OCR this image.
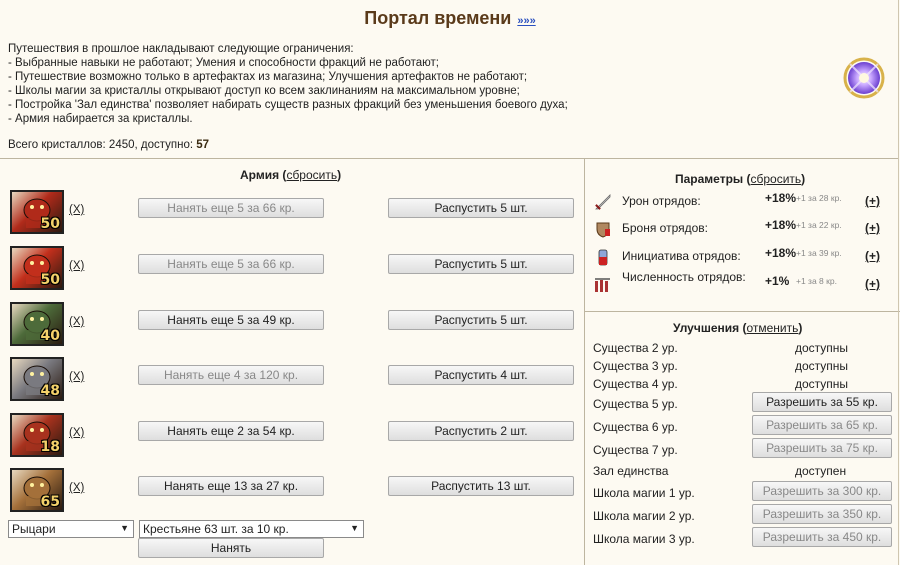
Портал времени »»»
Путешествия в прошлое накладывают следующие ограничения:
- Выбранные навыки не работают; Умения и способности фракций не работают;
- Путешествие возможно только в артефактах из магазина; Улучшения артефактов не работают;
- Школы магии за кристаллы открывают доступ ко всем заклинаниям на максимальном уровне;
- Постройка 'Зал единства' позволяет набирать существ разных фракций без уменьшения боевого духа;
- Армия набирается за кристаллы.
Всего кристаллов: 2450, доступно: 57
Армия (сбросить)
50
(X)	Нанять еще 5 за 66 кр.	Распустить 5 шт.
50
(X)	Нанять еще 5 за 66 кр.	Распустить 5 шт.
40
(X)	Нанять еще 5 за 49 кр.	Распустить 5 шт.
48
(X)	Нанять еще 4 за 120 кр.	Распустить 4 шт.
18
(X)	Нанять еще 2 за 54 кр.	Распустить 2 шт.
65
(X)	Нанять еще 13 за 27 кр.	Распустить 13 шт.
Рыцари	▼ Крестьяне 63 шт. за 10 кр.	▼
Нанять
Параметры (сбросить)
Урон отрядов:	+18% +1 за 28 кр.	(+)
Броня отрядов:	+18% +1 за 22 кр.	(+)
Инициатива отрядов: +18% +1 за 39 кр.	(+)
Численность отрядов:	+1% +1 за 8 кр.	(+)
Улучшения (отменить)
Существа 2 ур.	доступны
Существа 3 ур.	доступны
Существа 4 ур.	доступны
Существа 5 ур.	Разрешить за 55 кр.
Существа 6 ур.	Разрешить за 65 кр.
Существа 7 ур.	Разрешить за 75 кр.
Зал единства	доступен
Школа магии 1 ур.	Разрешить за 300 кр.
Школа магии 2 ур.	Разрешить за 350 кр.
Школа магии 3 ур.	Разрешить за 450 кр.
